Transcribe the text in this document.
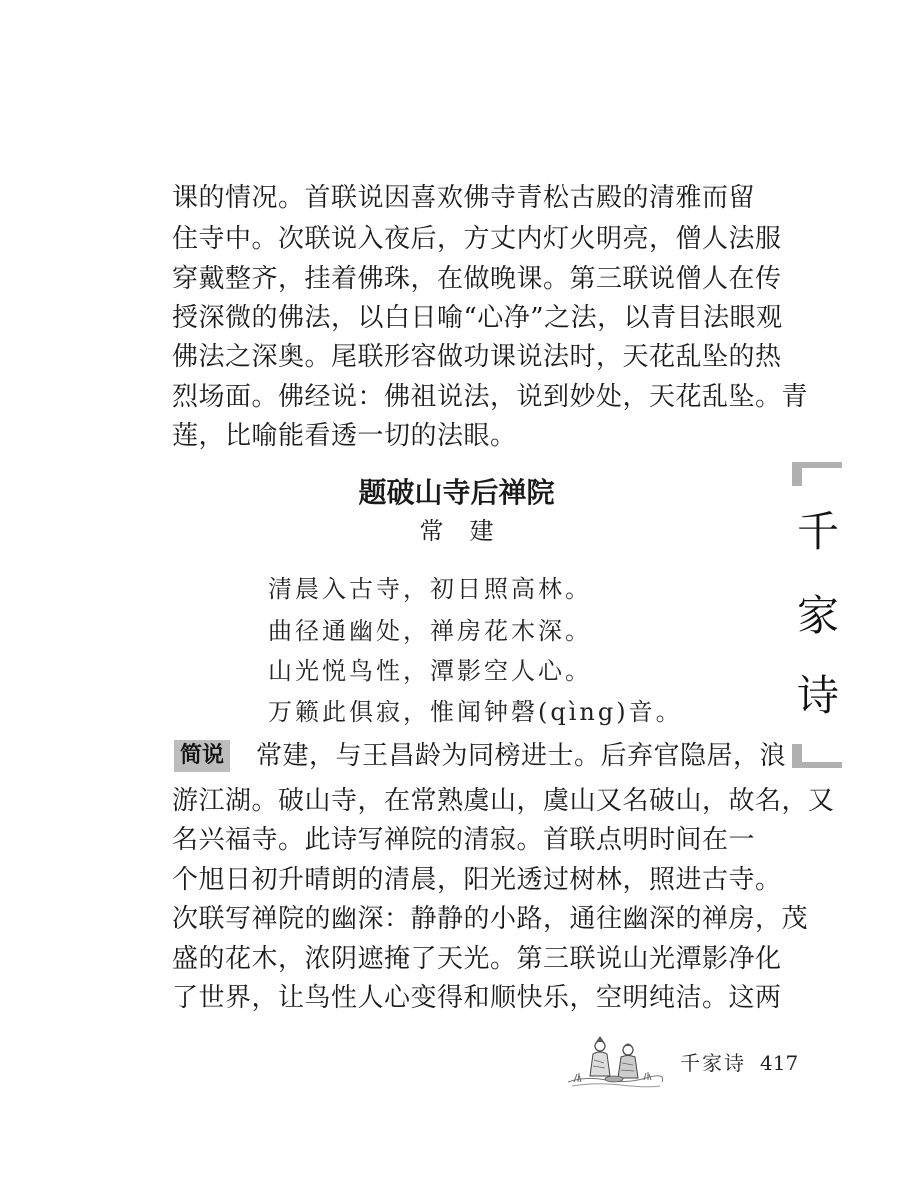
课的情况。首联说因喜欢佛寺青松古殿的清雅而留
住寺中。次联说入夜后，方丈内灯火明亮，僧人法服
穿戴整齐，挂着佛珠，在做晚课。第三联说僧人在传
授深微的佛法，以白日喻“心净”之法，以青目法眼观
佛法之深奥。尾联形容做功课说法时，天花乱坠的热
烈场面。佛经说：佛祖说法，说到妙处，天花乱坠。青
莲，比喻能看透一切的法眼。
题破山寺后禅院
常建
清晨入古寺，初日照高林。
曲径通幽处，禅房花木深。
山光悦鸟性，潭影空人心。
万籁此俱寂，惟闻钟磬(qìng)音。
简说 常建，与王昌龄为同榜进士。后弃官隐居，浪
游江湖。破山寺，在常熟虞山，虞山又名破山，故名，又
名兴福寺。此诗写禅院的清寂。首联点明时间在一
个旭日初升晴朗的清晨，阳光透过树林，照进古寺。
次联写禅院的幽深：静静的小路，通往幽深的禅房，茂
盛的花木，浓阴遮掩了天光。第三联说山光潭影净化
了世界，让鸟性人心变得和顺快乐，空明纯洁。这两
千
家
诗
千家诗 417
